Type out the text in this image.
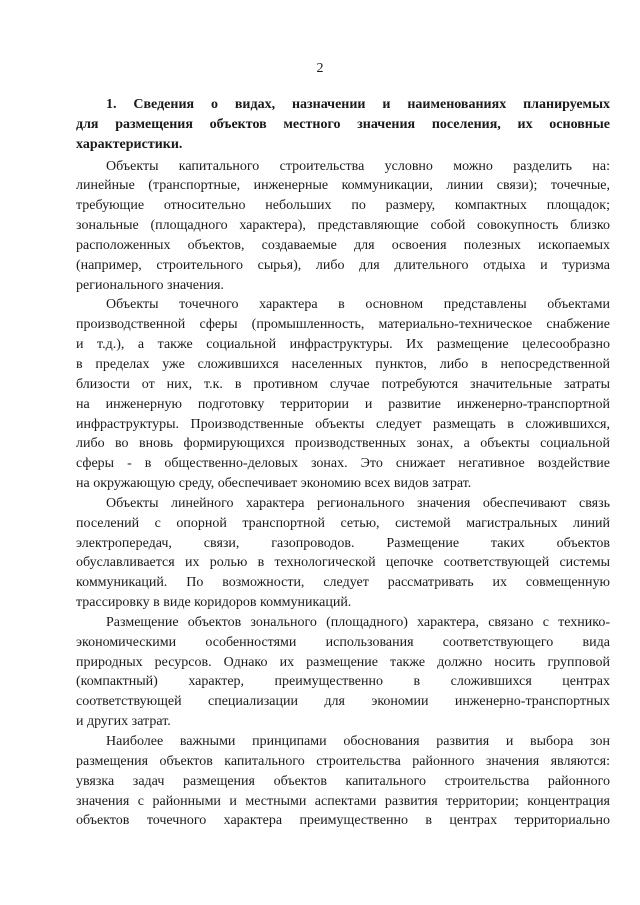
2
1. Сведения о видах, назначении и наименованиях планируемых
для размещения объектов местного значения поселения, их основные
характеристики.
Объекты капитального строительства условно можно разделить на:
линейные (транспортные, инженерные коммуникации, линии связи); точечные,
требующие относительно небольших по размеру, компактных площадок;
зональные (площадного характера), представляющие собой совокупность близко
расположенных объектов, создаваемые для освоения полезных ископаемых
(например, строительного сырья), либо для длительного отдыха и туризма
регионального значения.
Объекты точечного характера в основном представлены объектами
производственной сферы (промышленность, материально-техническое снабжение
и т.д.), а также социальной инфраструктуры. Их размещение целесообразно
в пределах уже сложившихся населенных пунктов, либо в непосредственной
близости от них, т.к. в противном случае потребуются значительные затраты
на инженерную подготовку территории и развитие инженерно-транспортной
инфраструктуры. Производственные объекты следует размещать в сложившихся,
либо во вновь формирующихся производственных зонах, а объекты социальной
сферы - в общественно-деловых зонах. Это снижает негативное воздействие
на окружающую среду, обеспечивает экономию всех видов затрат.
Объекты линейного характера регионального значения обеспечивают связь
поселений с опорной транспортной сетью, системой магистральных линий
электропередач, связи, газопроводов. Размещение таких объектов
обуславливается их ролью в технологической цепочке соответствующей системы
коммуникаций. По возможности, следует рассматривать их совмещенную
трассировку в виде коридоров коммуникаций.
Размещение объектов зонального (площадного) характера, связано с технико-
экономическими особенностями использования соответствующего вида
природных ресурсов. Однако их размещение также должно носить групповой
(компактный) характер, преимущественно в сложившихся центрах
соответствующей специализации для экономии инженерно-транспортных
и других затрат.
Наиболее важными принципами обоснования развития и выбора зон
размещения объектов капитального строительства районного значения являются:
увязка задач размещения объектов капитального строительства районного
значения с районными и местными аспектами развития территории; концентрация
объектов точечного характера преимущественно в центрах территориально
